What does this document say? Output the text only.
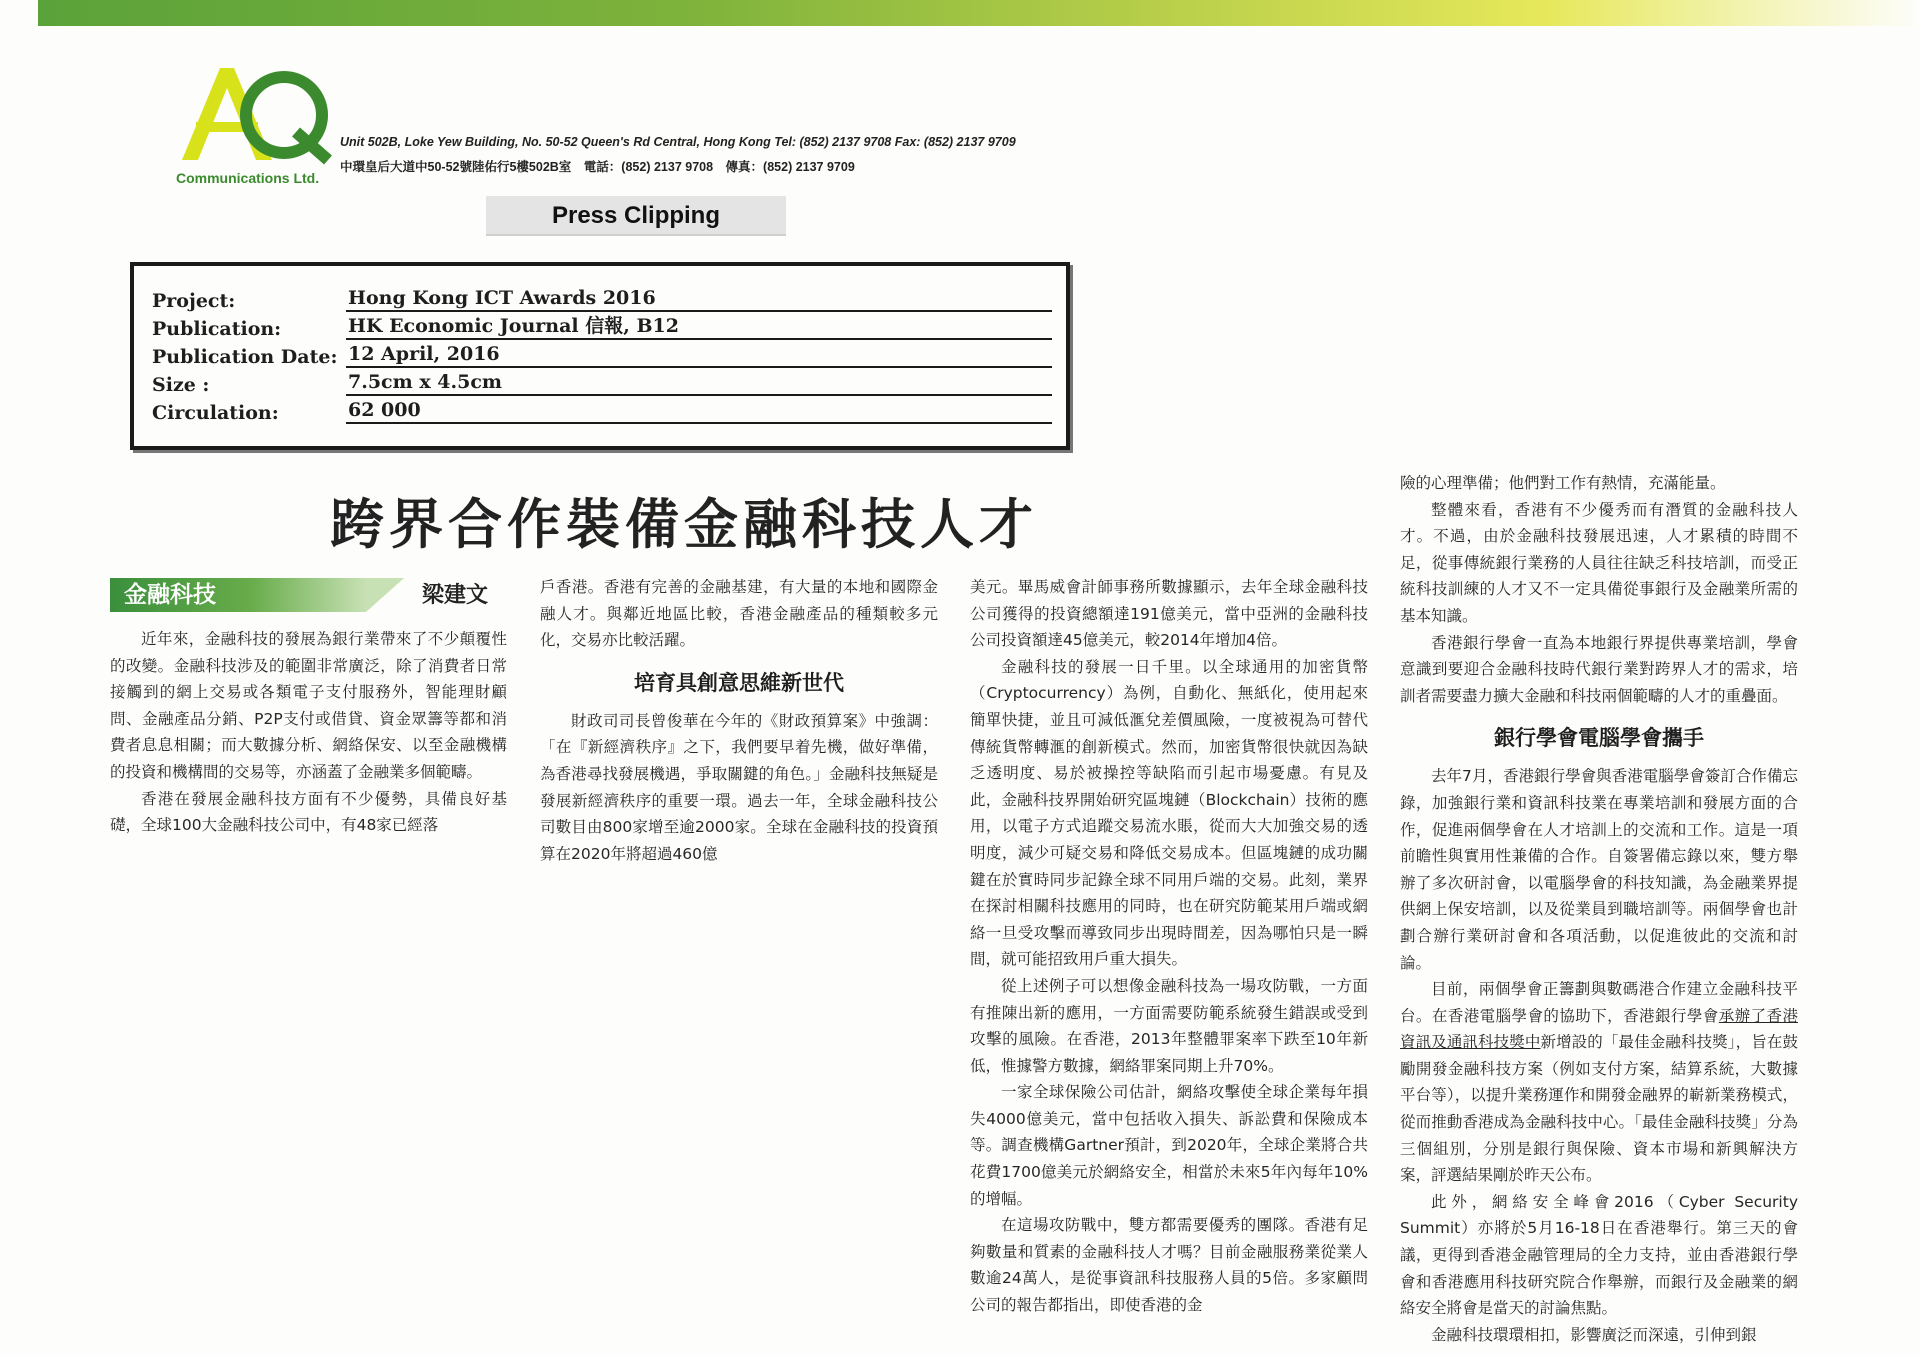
Communications Ltd.
Unit 502B, Loke Yew Building, No. 50-52 Queen's Rd Central, Hong Kong Tel: (852) 2137 9708 Fax: (852) 2137 9709
中環皇后大道中50-52號陸佑行5樓502B室　電話：(852) 2137 9708　傳真：(852) 2137 9709
Press Clipping
Project:	Hong Kong ICT Awards 2016
Publication:	HK Economic Journal 信報, B12
Publication Date: 12 April, 2016
Size :	7.5cm x 4.5cm
Circulation:	62 000
跨界合作裝備金融科技人才
金融科技	梁建文

近年來，金融科技的發展為銀行業帶來了不少顛覆性的改變。金融科技涉及的範圍非常廣泛，除了消費者日常接觸到的網上交易或各類電子支付服務外，智能理財顧問、金融產品分銷、P2P支付或借貸、資金眾籌等都和消費者息息相關；而大數據分析、網絡保安、以至金融機構的投資和機構間的交易等，亦涵蓋了金融業多個範疇。

香港在發展金融科技方面有不少優勢，具備良好基礎，全球100大金融科技公司中，有48家已經落

戶香港。香港有完善的金融基建，有大量的本地和國際金融人才。與鄰近地區比較，香港金融產品的種類較多元化，交易亦比較活躍。

培育具創意思維新世代

財政司司長曾俊華在今年的《財政預算案》中強調：「在『新經濟秩序』之下，我們要早着先機，做好準備，為香港尋找發展機遇，爭取關鍵的角色。」金融科技無疑是發展新經濟秩序的重要一環。過去一年，全球金融科技公司數目由800家增至逾2000家。全球在金融科技的投資預算在2020年將超過460億

美元。畢馬威會計師事務所數據顯示，去年全球金融科技公司獲得的投資總額達191億美元，當中亞洲的金融科技公司投資額達45億美元，較2014年增加4倍。

金融科技的發展一日千里。以全球通用的加密貨幣（Cryptocurrency）為例，自動化、無紙化，使用起來簡單快捷，並且可減低滙兌差價風險，一度被視為可替代傳統貨幣轉滙的創新模式。然而，加密貨幣很快就因為缺乏透明度、易於被操控等缺陷而引起市場憂慮。有見及此，金融科技界開始研究區塊鏈（Blockchain）技術的應用，以電子方式追蹤交易流水賬，從而大大加強交易的透明度，減少可疑交易和降低交易成本。但區塊鏈的成功關鍵在於實時同步記錄全球不同用戶端的交易。此刻，業界在探討相關科技應用的同時，也在研究防範某用戶端或網絡一旦受攻擊而導致同步出現時間差，因為哪怕只是一瞬間，就可能招致用戶重大損失。

從上述例子可以想像金融科技為一場攻防戰，一方面有推陳出新的應用，一方面需要防範系統發生錯誤或受到攻擊的風險。在香港，2013年整體罪案率下跌至10年新低，惟據警方數據，網絡罪案同期上升70%。

一家全球保險公司估計，網絡攻擊使全球企業每年損失4000億美元，當中包括收入損失、訴訟費和保險成本等。調查機構Gartner預計，到2020年，全球企業將合共花費1700億美元於網絡安全，相當於未來5年內每年10%的增幅。

在這場攻防戰中，雙方都需要優秀的團隊。香港有足夠數量和質素的金融科技人才嗎？目前金融服務業從業人數逾24萬人，是從事資訊科技服務人員的5倍。多家顧問公司的報告都指出，即使香港的金

險的心理準備；他們對工作有熱情，充滿能量。

整體來看，香港有不少優秀而有潛質的金融科技人才。不過，由於金融科技發展迅速，人才累積的時間不足，從事傳統銀行業務的人員往往缺乏科技培訓，而受正統科技訓練的人才又不一定具備從事銀行及金融業所需的基本知識。

香港銀行學會一直為本地銀行界提供專業培訓，學會意識到要迎合金融科技時代銀行業對跨界人才的需求，培訓者需要盡力擴大金融和科技兩個範疇的人才的重疊面。

銀行學會電腦學會攜手

去年7月，香港銀行學會與香港電腦學會簽訂合作備忘錄，加強銀行業和資訊科技業在專業培訓和發展方面的合作，促進兩個學會在人才培訓上的交流和工作。這是一項前瞻性與實用性兼備的合作。自簽署備忘錄以來，雙方舉辦了多次研討會，以電腦學會的科技知識，為金融業界提供網上保安培訓，以及從業員到職培訓等。兩個學會也計劃合辦行業研討會和各項活動，以促進彼此的交流和討論。

目前，兩個學會正籌劃與數碼港合作建立金融科技平台。在香港電腦學會的協助下，香港銀行學會承辦了香港資訊及通訊科技獎中新增設的「最佳金融科技獎」，旨在鼓勵開發金融科技方案（例如支付方案，結算系統，大數據平台等），以提升業務運作和開發金融界的嶄新業務模式，從而推動香港成為金融科技中心。「最佳金融科技獎」分為三個組別，分別是銀行與保險、資本市場和新興解決方案，評選結果剛於昨天公布。

此外，網絡安全峰會2016（Cyber Security Summit）亦將於5月16-18日在香港舉行。第三天的會議，更得到香港金融管理局的全力支持，並由香港銀行學會和香港應用科技研究院合作舉辦，而銀行及金融業的網絡安全將會是當天的討論焦點。

金融科技環環相扣，影響廣泛而深遠，引伸到銀
